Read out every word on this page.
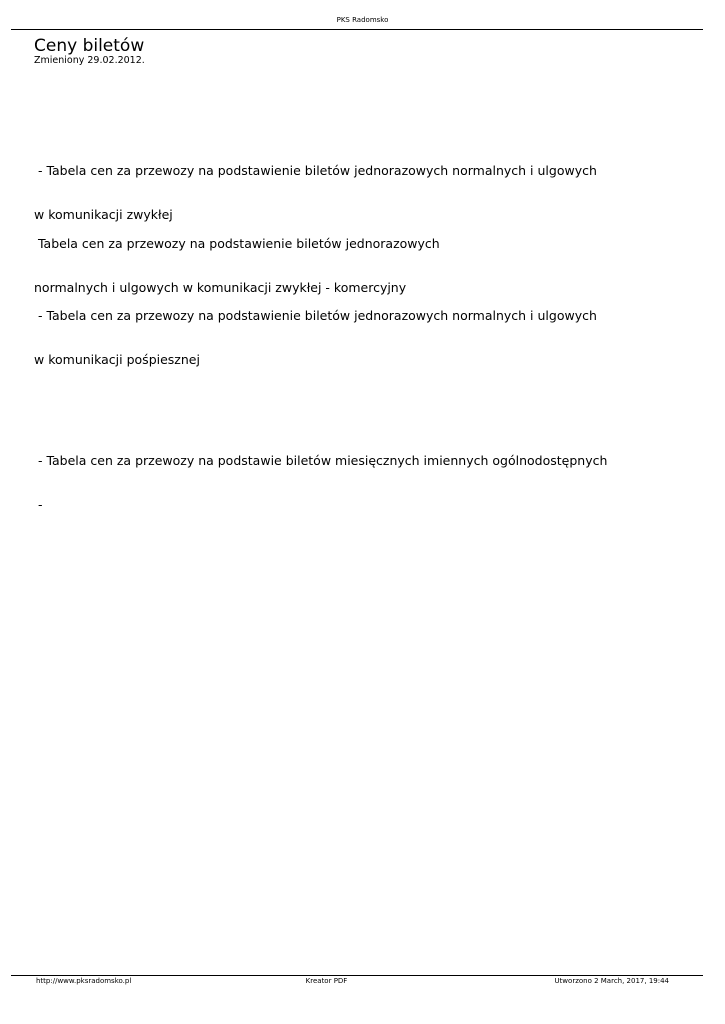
PKS Radomsko
Ceny biletów
Zmieniony 29.02.2012.

- Tabela cen za przewozy na podstawienie biletów jednorazowych normalnych i ulgowych

w komunikacji zwykłej

- Tabela cen za przewozy na podstawienie biletów jednorazowych normalnych i ulgowych

w komunikacji pośpiesznej

- Tabela cen za przewozy na podstawie biletów miesięcznych imiennych ogólnodostępnych

-

Tabela cen za przewozy na podstawienie biletów jednorazowych

normalnych i ulgowych w komunikacji zwykłej - komercyjny

http://www.pksradomsko.pl	Kreator PDF	Utworzono 2 March, 2017, 19:44
